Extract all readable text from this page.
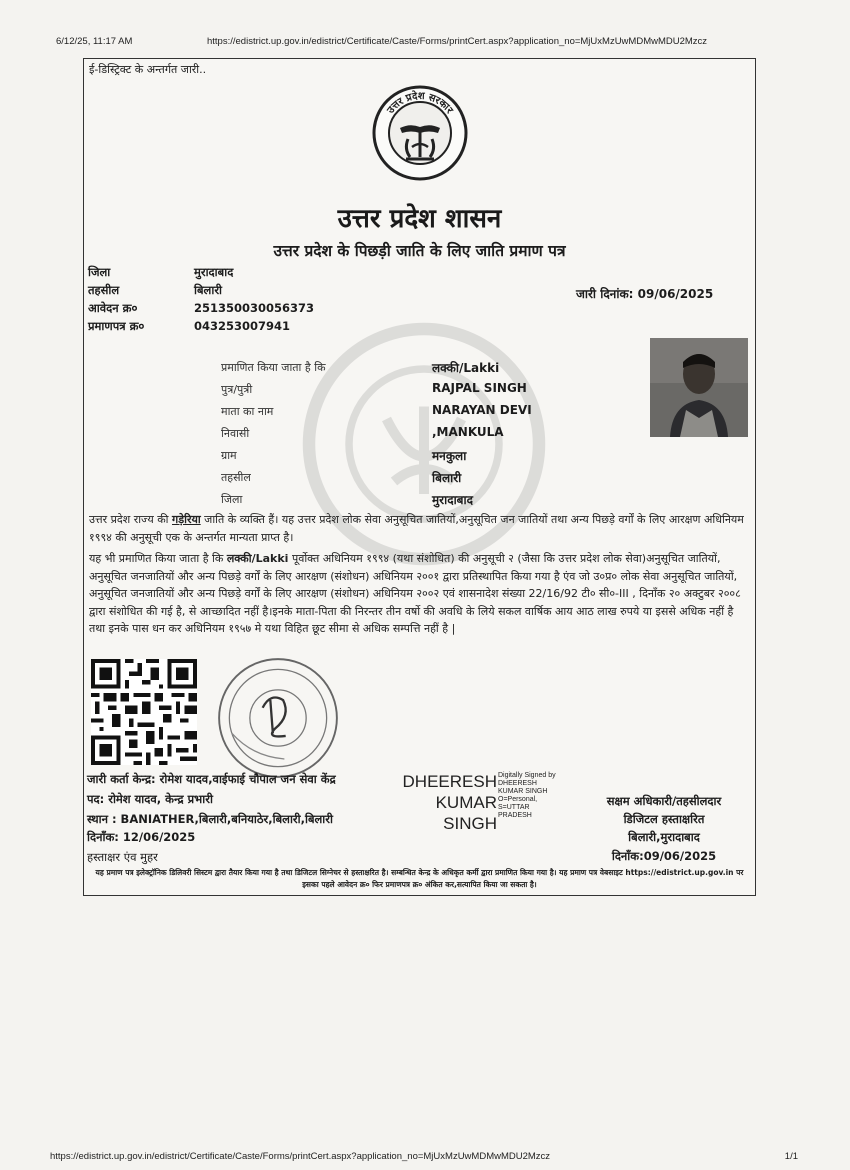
6/12/25, 11:17 AM	https://edistrict.up.gov.in/edistrict/Certificate/Caste/Forms/printCert.aspx?application_no=MjUxMzUwMDMwMDU2Mzcz
ई-डिस्ट्रिक्ट के अन्तर्गत जारी..
उत्तर प्रदेश सरकार
उत्तर प्रदेश शासन
उत्तर प्रदेश के पिछड़ी जाति के लिए जाति प्रमाण पत्र
जिला	मुरादाबाद
तहसील	बिलारी
आवेदन क्र०	251350030056373
प्रमाणपत्र क्र०	043253007941
जारी दिनांक: 09/06/2025
प्रमाणित किया जाता है कि	लक्की/Lakki
पुत्र/पुत्री	RAJPAL SINGH
माता का नाम	NARAYAN DEVI
निवासी	,MANKULA
ग्राम	मनकुला
तहसील	बिलारी
जिला	मुरादाबाद
उत्तर प्रदेश राज्य की गड़ेरिया जाति के व्यक्ति हैं। यह उत्तर प्रदेश लोक सेवा अनुसूचित जातियों,अनुसूचित जन जातियों तथा अन्य पिछड़े वर्गों के लिए आरक्षण अधिनियम १९९४ की अनुसूची एक के अन्तर्गत मान्यता प्राप्त है।
यह भी प्रमाणित किया जाता है कि लक्की/Lakki पूर्वोक्त अधिनियम १९९४ (यथा संशोधित) की अनुसूची २ (जैसा कि उत्तर प्रदेश लोक सेवा)अनुसूचित जातियों, अनुसूचित जनजातियों और अन्य पिछड़े वर्गों के लिए आरक्षण (संशोधन) अधिनियम २००१ द्वारा प्रतिस्थापित किया गया है एंव जो उ०प्र० लोक सेवा अनुसूचित जातियों, अनुसूचित जनजातियों और अन्य पिछड़े वर्गों के लिए आरक्षण (संशोधन) अधिनियम २००२ एवं शासनादेश संख्या 22/16/92 टी० सी०-III , दिनाँक २० अक्टुबर २००८ द्वारा संशोधित की गई है, से आच्छादित नहीं है।इनके माता-पिता की निरन्तर तीन वर्षो की अवधि के लिये सकल वार्षिक आय आठ लाख रुपये या इससे अधिक नहीं है तथा इनके पास धन कर अधिनियम १९५७ मे यथा विहित छूट सीमा से अधिक सम्पत्ति नहीं है |
जारी कर्ता केन्द्र: रोमेश यादव,वाईफाई चौपाल जन सेवा केंद्र
पद: रोमेश यादव, केन्द्र प्रभारी
स्थान : BANIATHER,बिलारी,बनियाठेर,बिलारी,बिलारी
दिनाँक: 12/06/2025
हस्ताक्षर एंव मुहर
DHEERESH
KUMAR
SINGH
Digitally Signed by DHEERESH KUMAR SINGH O=Personal, S=UTTAR PRADESH
सक्षम अधिकारी/तहसीलदार
डिजिटल हस्ताक्षरित
बिलारी,मुरादाबाद
दिनाँक:09/06/2025
यह प्रमाण पत्र इलेक्ट्रॉनिक डिलिवरी सिस्टम द्वारा तैयार किया गया है तथा डिजिटल सिग्नेचर से हस्ताक्षरित है। सम्बन्धित केन्द्र के अधिकृत कर्मी द्वारा प्रमाणित किया गया है। यह प्रमाण पत्र वेबसाइट https://edistrict.up.gov.in पर इसका पहले आवेदन क्र० फिर प्रमाणपत्र क्र० अंकित कर,सत्यापित किया जा सकता है।
https://edistrict.up.gov.in/edistrict/Certificate/Caste/Forms/printCert.aspx?application_no=MjUxMzUwMDMwMDU2Mzcz	1/1
